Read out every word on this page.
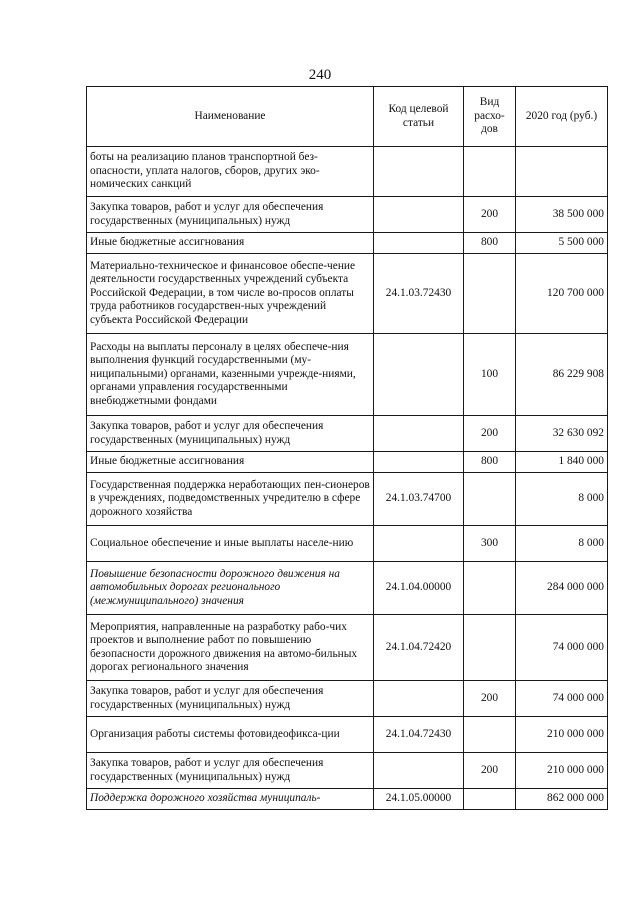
240
Наименование	Код целевой статьи	Вид расхо-дов	2020 год (руб.)
боты на реализацию планов транспортной без-опасности, уплата налогов, сборов, других эко-номических санкций			
Закупка товаров, работ и услуг для обеспечения государственных (муниципальных) нужд		200	38 500 000
Иные бюджетные ассигнования		800	5 500 000
Материально-техническое и финансовое обеспе-чение деятельности государственных учреждений субъекта Российской Федерации, в том числе во-просов оплаты труда работников государствен-ных учреждений субъекта Российской Федерации	24.1.03.72430		120 700 000
Расходы на выплаты персоналу в целях обеспече-ния выполнения функций государственными (му-ниципальными) органами, казенными учрежде-ниями, органами управления государственными внебюджетными фондами		100	86 229 908
Закупка товаров, работ и услуг для обеспечения государственных (муниципальных) нужд		200	32 630 092
Иные бюджетные ассигнования		800	1 840 000
Государственная поддержка неработающих пен-сионеров в учреждениях, подведомственных учредителю в сфере дорожного хозяйства	24.1.03.74700		8 000
Социальное обеспечение и иные выплаты населе-нию		300	8 000
Повышение безопасности дорожного движения на автомобильных дорогах регионального (межмуниципального) значения	24.1.04.00000		284 000 000
Мероприятия, направленные на разработку рабо-чих проектов и выполнение работ по повышению безопасности дорожного движения на автомо-бильных дорогах регионального значения	24.1.04.72420		74 000 000
Закупка товаров, работ и услуг для обеспечения государственных (муниципальных) нужд		200	74 000 000
Организация работы системы фотовидеофикса-ции	24.1.04.72430		210 000 000
Закупка товаров, работ и услуг для обеспечения государственных (муниципальных) нужд		200	210 000 000
Поддержка дорожного хозяйства муниципаль-	24.1.05.00000		862 000 000
